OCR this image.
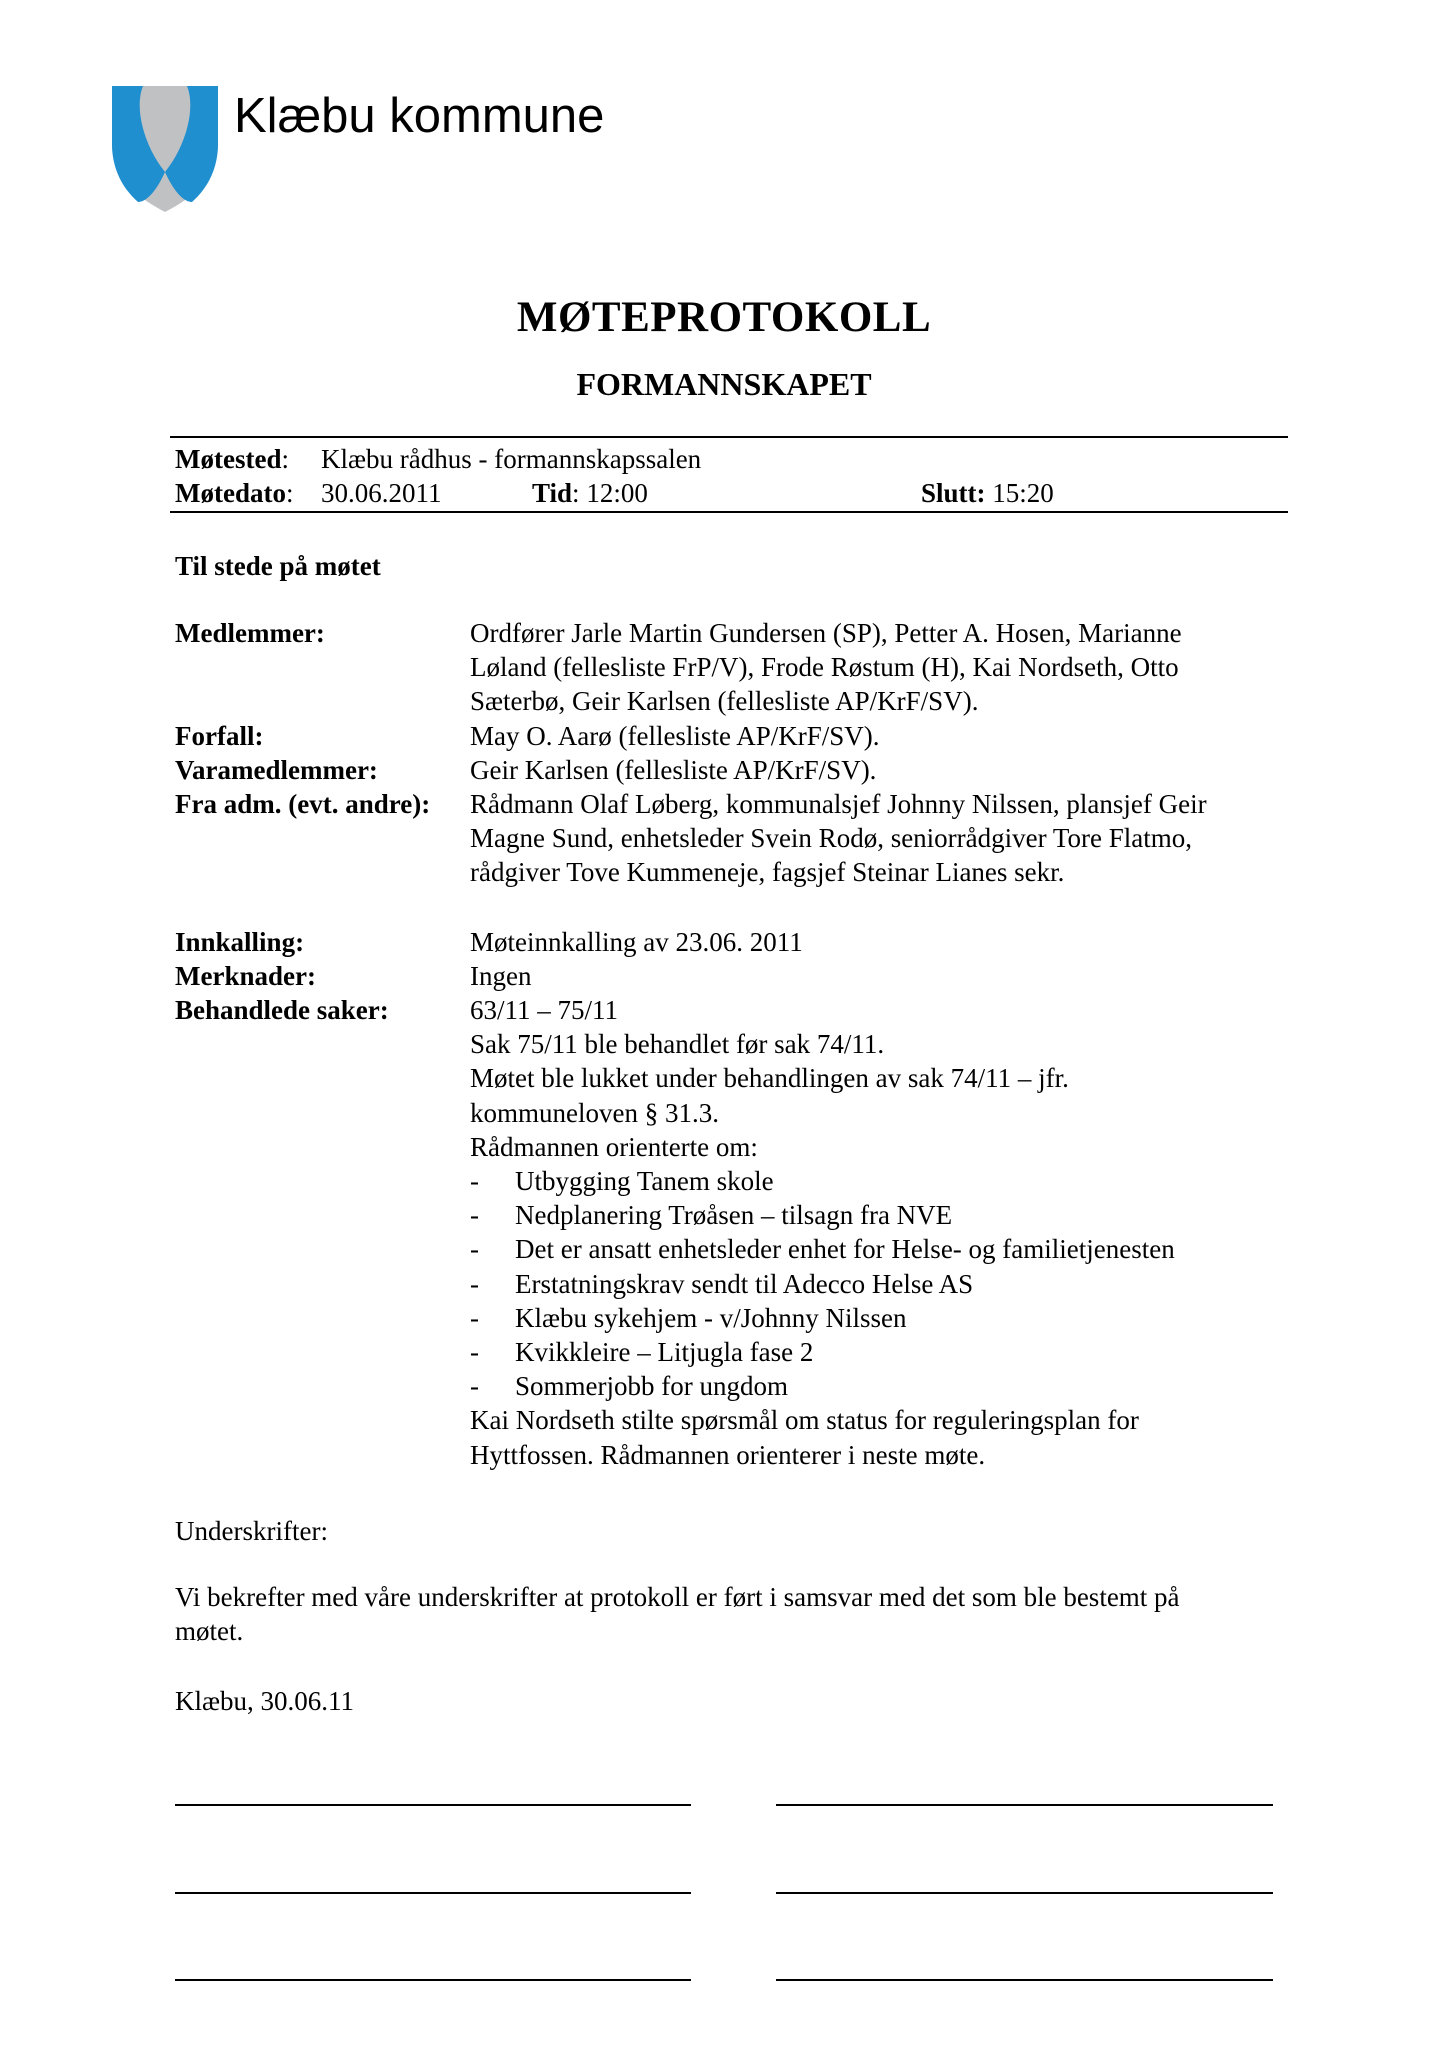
Klæbu kommune
MØTEPROTOKOLL
FORMANNSKAPET
Møtested: Klæbu rådhus - formannskapssalen
Møtedato: 30.06.2011	Tid: 12:00	Slutt: 15:20
Til stede på møtet
Medlemmer:	Ordfører Jarle Martin Gundersen (SP), Petter A. Hosen, Marianne
Løland (fellesliste FrP/V), Frode Røstum (H), Kai Nordseth, Otto
Sæterbø, Geir Karlsen (fellesliste AP/KrF/SV).
Forfall:	May O. Aarø (fellesliste AP/KrF/SV).
Varamedlemmer:	Geir Karlsen (fellesliste AP/KrF/SV).
Fra adm. (evt. andre): Rådmann Olaf Løberg, kommunalsjef Johnny Nilssen, plansjef Geir
Magne Sund, enhetsleder Svein Rodø, seniorrådgiver Tore Flatmo,
rådgiver Tove Kummeneje, fagsjef Steinar Lianes sekr.
Innkalling:	Møteinnkalling av 23.06. 2011
Merknader:	Ingen
Behandlede saker:	63/11 – 75/11
Sak 75/11 ble behandlet før sak 74/11.
Møtet ble lukket under behandlingen av sak 74/11 – jfr.
kommuneloven § 31.3.
Rådmannen orienterte om:
- Utbygging Tanem skole
- Nedplanering Trøåsen – tilsagn fra NVE
- Det er ansatt enhetsleder enhet for Helse- og familietjenesten
- Erstatningskrav sendt til Adecco Helse AS
- Klæbu sykehjem - v/Johnny Nilssen
- Kvikkleire – Litjugla fase 2
- Sommerjobb for ungdom
Kai Nordseth stilte spørsmål om status for reguleringsplan for
Hyttfossen. Rådmannen orienterer i neste møte.
Underskrifter:
Vi bekrefter med våre underskrifter at protokoll er ført i samsvar med det som ble bestemt på
møtet.
Klæbu, 30.06.11
